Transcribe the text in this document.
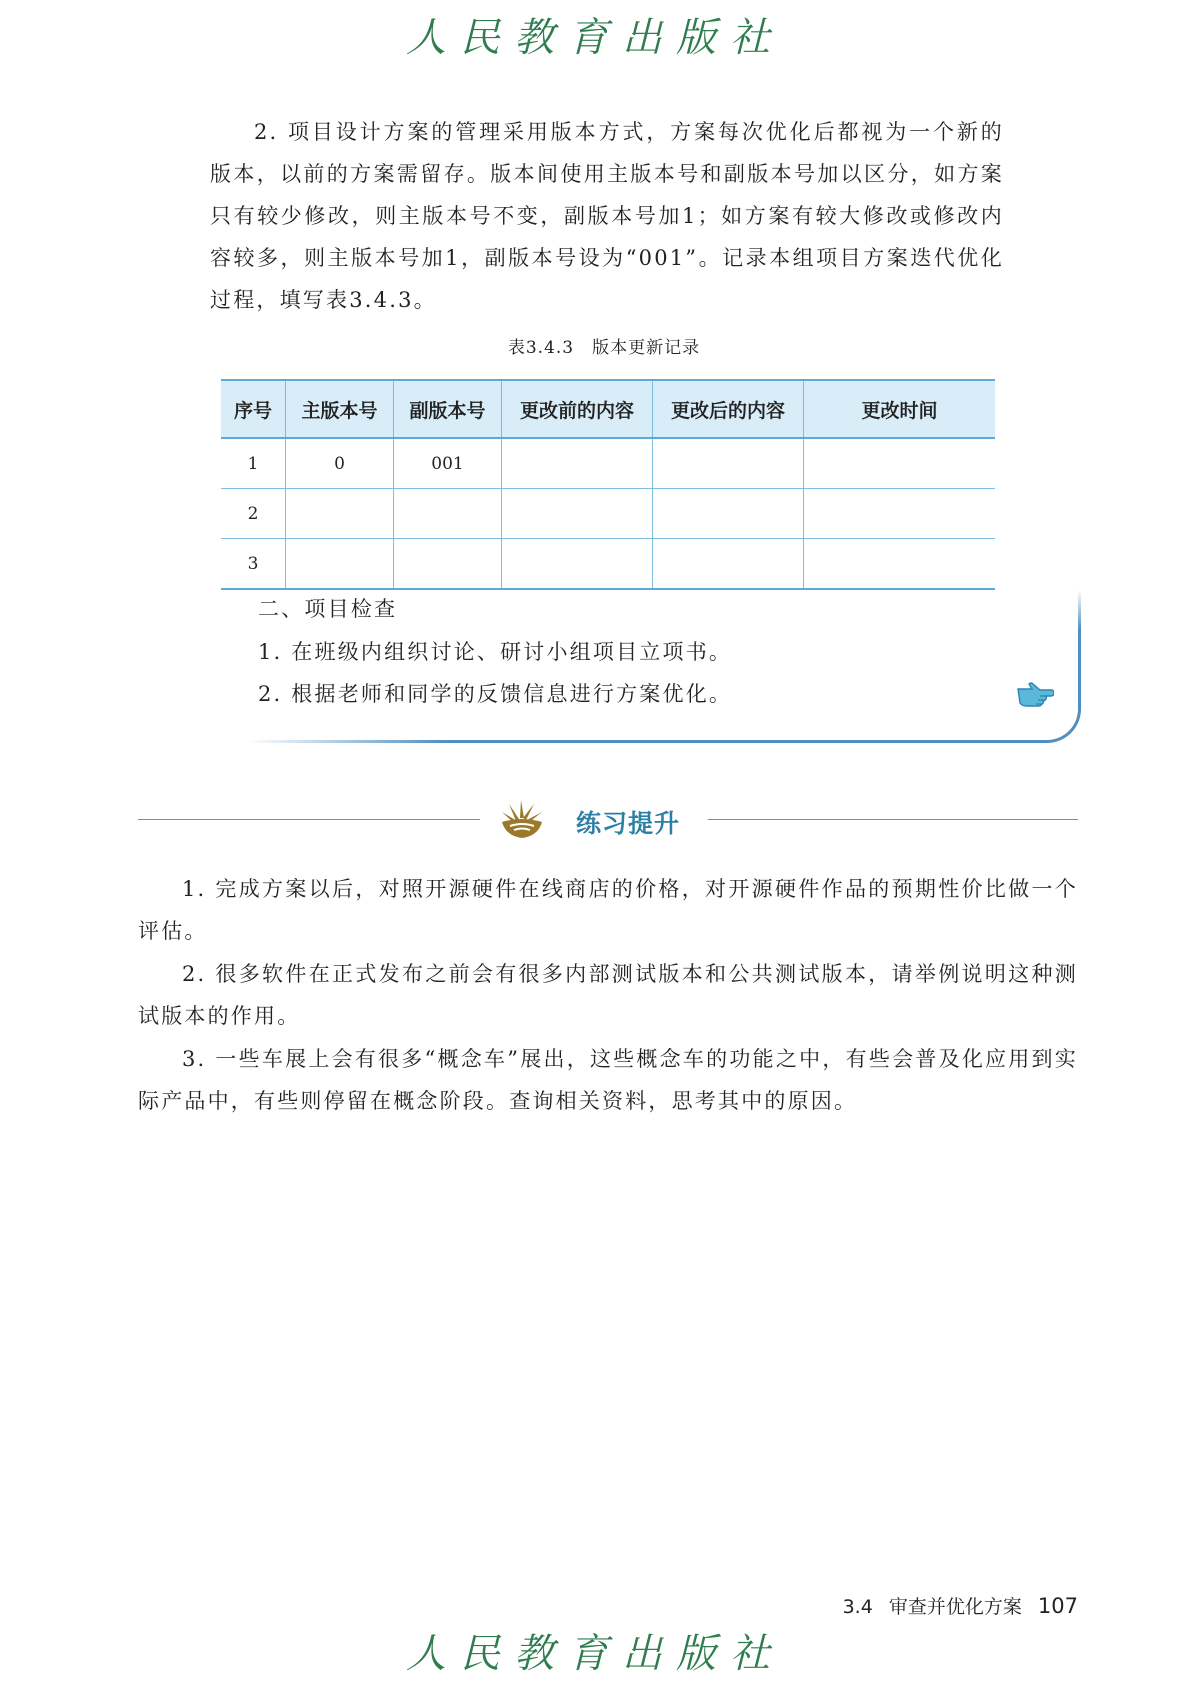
人民教育出版社

2. 项目设计方案的管理采用版本方式，方案每次优化后都视为一个新的版本，以前的方案需留存。版本间使用主版本号和副版本号加以区分，如方案只有较少修改，则主版本号不变，副版本号加1；如方案有较大修改或修改内容较多，则主版本号加1，副版本号设为“001”。记录本组项目方案迭代优化过程，填写表3.4.3。

表3.4.3　版本更新记录
序号	主版本号	副版本号	更改前的内容	更改后的内容	更改时间
1	0	001			
2					
3					

二、项目检查

1. 在班级内组织讨论、研讨小组项目立项书。

2. 根据老师和同学的反馈信息进行方案优化。

练习提升

1. 完成方案以后，对照开源硬件在线商店的价格，对开源硬件作品的预期性价比做一个评估。

2. 很多软件在正式发布之前会有很多内部测试版本和公共测试版本，请举例说明这种测试版本的作用。

3. 一些车展上会有很多“概念车”展出，这些概念车的功能之中，有些会普及化应用到实际产品中，有些则停留在概念阶段。查询相关资料，思考其中的原因。

3.4 审查并优化方案 107
人民教育出版社
